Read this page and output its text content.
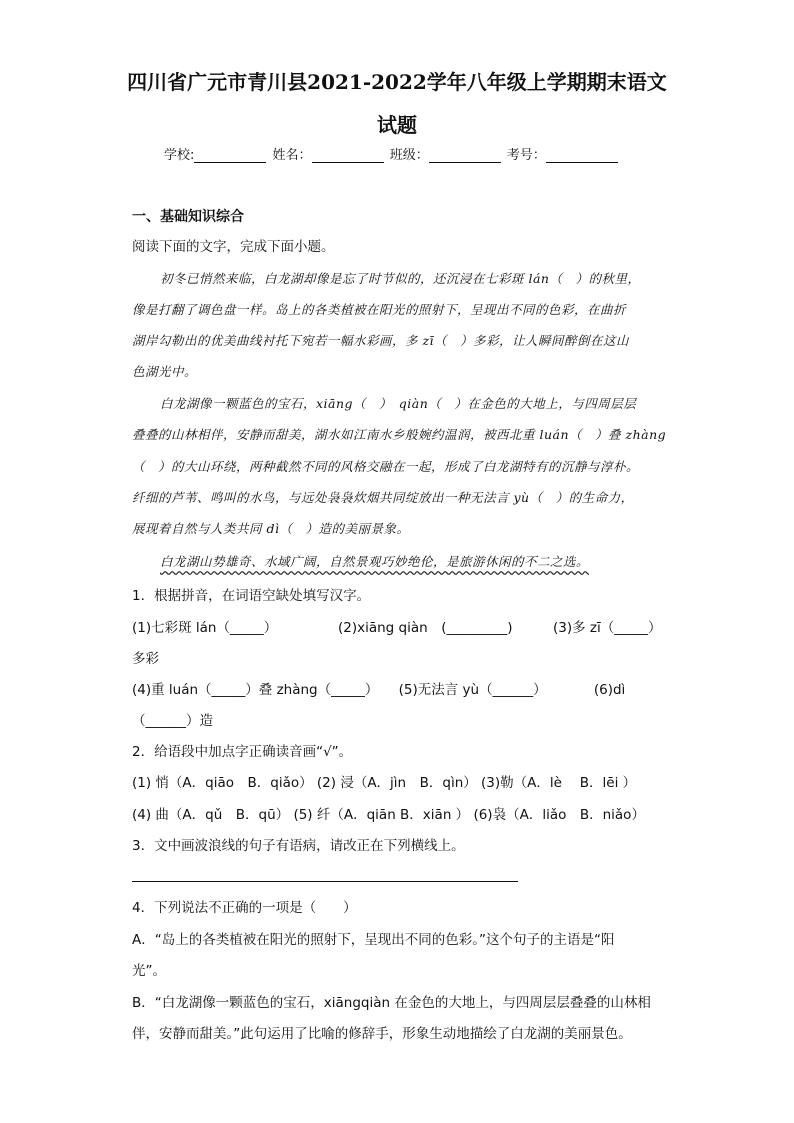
四川省广元市青川县2021-2022学年八年级上学期期末语文
试题
学校:	姓名：	班级：	考号：
一、基础知识综合
阅读下面的文字，完成下面小题。
初冬已悄然来临，白龙湖却像是忘了时节似的，还沉浸在七彩斑 lán（　）的秋里，
像是打翻了调色盘一样。岛上的各类植被在阳光的照射下，呈现出不同的色彩，在曲折
湖岸勾勒出的优美曲线衬托下宛若一幅水彩画，多 zī（　）多彩，让人瞬间醉倒在这山
色湖光中。
白龙湖像一颗蓝色的宝石，xiāng（　）　qiàn（　）在金色的大地上，与四周层层
叠叠的山林相伴，安静而甜美，湖水如江南水乡般婉约温润，被西北重 luán（　）叠 zhàng
（　）的大山环绕，两种截然不同的风格交融在一起，形成了白龙湖特有的沉静与淳朴。
纤细的芦苇、鸣叫的水鸟，与远处袅袅炊烟共同绽放出一种无法言 yù（　）的生命力，
展现着自然与人类共同 dì（　）造的美丽景象。
白龙湖山势雄奇、水域广阔，自然景观巧妙绝伦，是旅游休闲的不二之选。
1．根据拼音，在词语空缺处填写汉字。
(1)七彩斑 lán（_____）　　　　　(2)xiāng qiàn　(_________)　　　(3)多 zī（_____）
多彩
(4)重 luán（_____）叠 zhàng（_____）　　(5)无法言 yù（______）　　　　(6)dì
（______）造
2．给语段中加点字正确读音画“√”。
(1) 悄（A．qiāo　B．qiǎo） (2) 浸（A．jìn　B．qìn） (3)勒（A．lè　 B．lēi ）
(4) 曲（A．qǔ　B．qū） (5) 纤（A．qiān B．xiān ） (6)袅（A．liǎo　B．niǎo）
3．文中画波浪线的句子有语病，请改正在下列横线上。
4．下列说法不正确的一项是（　　）
A．“岛上的各类植被在阳光的照射下，呈现出不同的色彩。”这个句子的主语是“阳
光”。
B．“白龙湖像一颗蓝色的宝石，xiāngqiàn 在金色的大地上，与四周层层叠叠的山林相
伴，安静而甜美。”此句运用了比喻的修辞手，形象生动地描绘了白龙湖的美丽景色。
